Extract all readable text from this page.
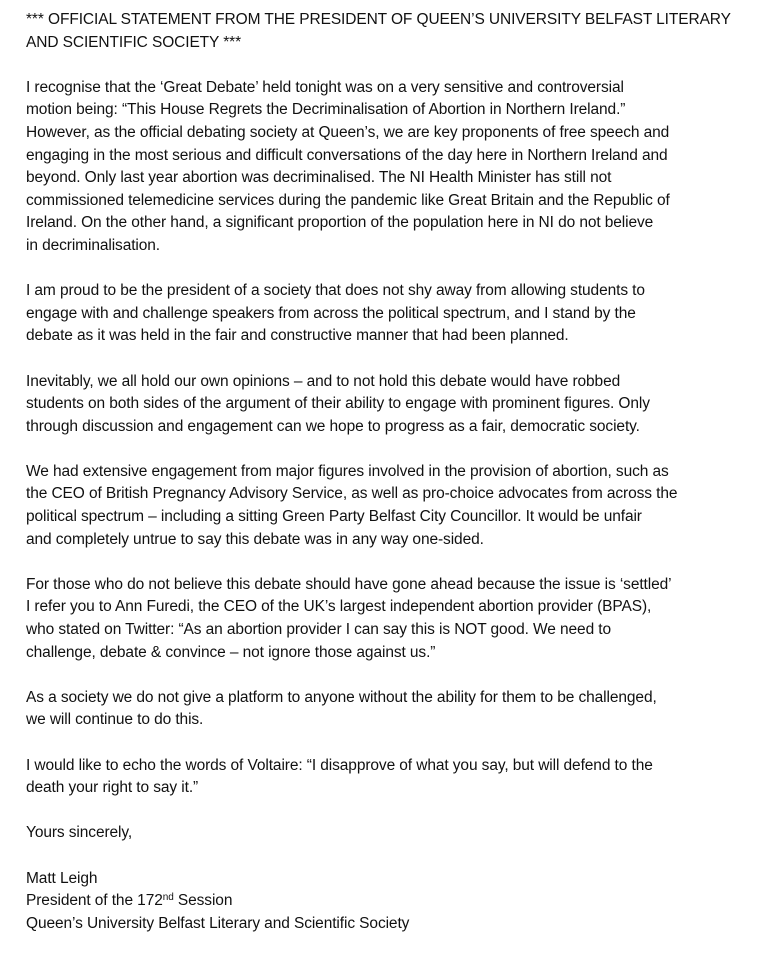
*** OFFICIAL STATEMENT FROM THE PRESIDENT OF QUEEN’S UNIVERSITY BELFAST LITERARY
AND SCIENTIFIC SOCIETY ***

I recognise that the ‘Great Debate’ held tonight was on a very sensitive and controversial
motion being: “This House Regrets the Decriminalisation of Abortion in Northern Ireland.”
However, as the official debating society at Queen’s, we are key proponents of free speech and
engaging in the most serious and difficult conversations of the day here in Northern Ireland and
beyond. Only last year abortion was decriminalised. The NI Health Minister has still not
commissioned telemedicine services during the pandemic like Great Britain and the Republic of
Ireland. On the other hand, a significant proportion of the population here in NI do not believe
in decriminalisation.

I am proud to be the president of a society that does not shy away from allowing students to
engage with and challenge speakers from across the political spectrum, and I stand by the
debate as it was held in the fair and constructive manner that had been planned.

Inevitably, we all hold our own opinions – and to not hold this debate would have robbed
students on both sides of the argument of their ability to engage with prominent figures. Only
through discussion and engagement can we hope to progress as a fair, democratic society.

We had extensive engagement from major figures involved in the provision of abortion, such as
the CEO of British Pregnancy Advisory Service, as well as pro-choice advocates from across the
political spectrum – including a sitting Green Party Belfast City Councillor. It would be unfair
and completely untrue to say this debate was in any way one-sided.

For those who do not believe this debate should have gone ahead because the issue is ‘settled’
I refer you to Ann Furedi, the CEO of the UK’s largest independent abortion provider (BPAS),
who stated on Twitter: “As an abortion provider I can say this is NOT good. We need to
challenge, debate & convince – not ignore those against us.”

As a society we do not give a platform to anyone without the ability for them to be challenged,
we will continue to do this.

I would like to echo the words of Voltaire: “I disapprove of what you say, but will defend to the
death your right to say it.”

Yours sincerely,

Matt Leigh
President of the 172nd Session
Queen’s University Belfast Literary and Scientific Society
